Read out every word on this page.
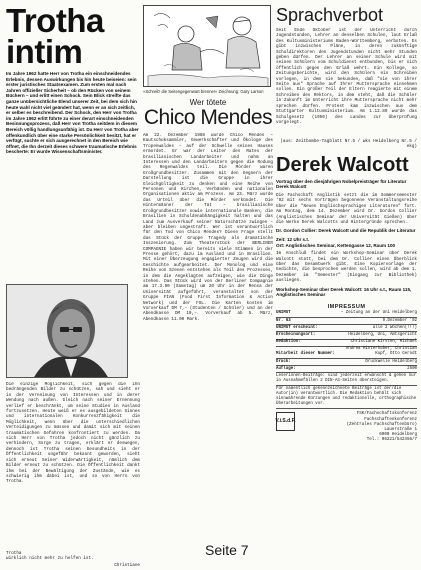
Trotha
intim
Im Jahre 1962 hatte Herr von Trotha ein einschneidendes Erlebnis, dessen Auswirkungen bis hin heute beiseien: sein erster juristisches Staatsexamen. Zum ersten mal nach Jahren offizieller Sicherheit – ob den Rücken von seinem Büchern – und erlitt einen Schock. Sein Blick streifte das ganze unübersichtliche Elend unserer Zeit, bei dem sich hin heute wahl nicht viel geändert hat, wenn er an sich zeitlich, er selber es beschreibend. Der Schock, den Herr von Trotha im Jahre 1962 erlitt führte zu einer derart einschneidenden Besinnungsprozess, daß Herr von Trotha seitdem in diesem Bereich völlig handlungsunfähig ist. Da Herr von Trotha aber offenkundlich über eine starke Persönlichkeit besitzt, hat er verfügt, suchte er sich ausgerechnet in den Bereich wie öffnet, die Ihn derzeit dieses schwere traumatische Erlebnis bescherte: Er wurde Wissenschaftsminister.
Die einzige Möglichkeit, sich gegen die ihn bedrängenden Bilder zu schützen, sah und sieht er in der Verneinung von Interessen und in derer Wendung nach außen. Gleich nach seiner Ernennung verlief er beschränkt, um seine Studien in Ausland fortzusetzen. Heute weiß er es ausgebildeten Sinnes und internationalen Konkurrenzfähigkeit die Möglichkeit, wenn über die unterschiedlichen Verteidigungen zu müssen und damit sich mit seinen traumatischen Gefahren konfrontiert zu werden. Da sich Herr von Trotha jedoch nicht gänzlich zu verhindern, Sorge zu tragen, erklärt er deswegen, dennoch ist Trotha seinen Gesundheits in der Öffentlichkeit ungefähr bekannt geworden, sieht sich erneut Seiner Widerwärtigkeit, nämlich dem Bilder erneut zu schützen. Die Öffentlichkeit dankt ihm bei der Bewältigung der Zustände, wie es schwierig ihm dabei ist, und so von Herrn von Trotha.
Trotha
wirklich nicht mehr zu helfen ist.
Christiane
»Schreib' die Seitengegenwart brenne!« Zeichnung: Gary Larson
Wer tötete
Chico Mendes
Am 22. Dezember 1988 wurde Chico Mendes – Kautschuksammler, Gewerkschafter und Ökologe des Tropenwaldes – auf der Schwelle seines Hauses ermordet. Er war der Leiter des Rates der brasilianischen Landarbeiter und nahm an Interessen und den Landarbeitern gegen die Rodung des Regenwaldes teil. Die Mörder waren Großgrundbesitzer. Zusammen mit den Gegnern der Darstellung ist die Gruppe in ihrer Gleichgültigkeit zu denken und eine Reihe von Personen und Kirchen, Verbänden und nationalen Organisationen aktiv am Prozess. Am 23. März wurde das Urteil über die Mörder verkündet. Die Hintermänner der Tat – brasilianische Großgrundbesitzer sowie internationale Banken, die Brasilien in Schuldenabhängigkeit halten und das Land zum Ausverkauf seiner Naturschätze zwingen – aber bleiben ungestraft. Wer ist verantwortlich für den Tod von Chico Mendes? Diese Frage stellt das Stück der Gruppe Tragedy als dramatische Inszenierung. Zum Theaterstück der BERLINER COMPAGNIE haben wir bereits viele Stimmen in der Presse gehört, dazu im Ausland und in Brasilien. Mit einer Überzeugung engagierter Zeugen wird die Geschichte aufgearbeitet. Der Monolog und eine Reihe von Szenen entstehen als Teil des Prozesses, in dem die Angeklagten aufzeigen, wie die Dinge stehen. Das Stück wird von der Berliner Compagnie am 17.3.90 (Samstag) um 20 Uhr in der Mensa der Universität aufgeführt, veranstaltet von der Gruppe FIAN (Food First Information & Action Network) und der FSL. Die Karten kosten im Vorverkauf DM 7,– (Studenten / Schüler) und an der Abendkasse DM 10,–. Vorverkauf ab 5. März, Abendkasse 11.00 Mark.
Sprachverbot
Seit Ende Oktober ist der Unterricht durch Jugendstunden, Lehrer an denselben Schulen, laut Erlaß des Kultusministeriums Baden-Württemberg, verboten. Es gibt inzwischen Pläne, in deren zukünftige Schuldirektoren den Jugendstunden nicht mehr Stunden geben dürfen. Der Lehrer an seiner Schule wird mit seinen Schülern vom Schuldienst entbunden, bis er sich öffentlich gegen den Erlaß wehrt. Ein Kollege, so Zeitungsberichte, wird den Schülern ein Schreiben vorlegen, in dem sie bekunden, daß "sie von ihrer Seite aus" Sprache auf Ihrer Muttersprache einnehmen sollen. Ein großer Teil der Eltern reagierte mit einem Schreiben des Rektors, in dem steht, daß die Schüler in Zukunft im Unterricht ihre Muttersprache nicht mehr sprechen dürfen. Protest kam inzwischen aus dem Stuttgarter Kultusministerium. Am 1.12.89 wurde das Schulgesetz (1950) des Landes zur Überprüfung vorgelegt.
(aus: Zeitbombe-Tagblatt Nr.5 / wks Heidelberg Nr.5 / ekg)
Derek Walcott
Vortrag über den diesjährigen Nobelpreisträger für Literatur Derek Walcott
Die Fachschaft Anglistik setzt die im Sommersemester '92 mit sechs Vorträgen begonnene Veranstaltungsreihe über die "Neuen Englischsprachigen Literaturen" fort. Am Montag, dem 14. Dezember wird Dr. Gordon Collier (Anglistisches Seminar der Universität Gießen) über die Werke Derek Walcotts und Hintergründe sprechen.
Dr. Gordon Collier: Derek Walcott und die Republik der Literatur
Zeit: 12 Uhr s.t.
Ort: Anglistisches Seminar, Kettengasse 12, Raum 100
Im Anschluß findet ein Workshop-Seminar über Derek Walcott statt, bei dem Dr. Collier einen Überblick über das Gesamtwerk gibt. Eine Kopiervorlage der Gedichte, die besprochen werden sollen, wird ab dem 1. Dezember im "Semester" (Eingang zur Bibliothek) ausliegen.
Workshop-Seminar über Derek Walcott: 16 Uhr s.t., Raum 115, Anglistisches Seminar
IMPRESSUM
UNIMUT	– Zeitung an der Uni Heidelberg
Nr. 63	9.Dezember '92
UNIMUT erscheint:	alle 2 Wochen(!!!)
Erscheinungsort:	Heidelberg, Uni, Amtsgericht
Redaktion:	Christiane Kirsten, Michael
Mitarbeit dieser Nummer:
Andrea Hinterhuber, Christian Kupf, Otto Gerndt
Druck:	Druckwelle Heidelberg
Auflage:	2500
Leserinnen-Beiträge: sind jederzeit erwünscht & gehen nur in Ausnahmefällen 2 DIN-A4-Seiten übersteigen.
Für namentlich gekennzeichnete Beiträge ist der/die Autor(in) verantwortlich. Die Redaktion behält sich sinnwahrende Kürzungen und redaktionelle, orthographische Überarbeitungen vor.
V.i.S.d.P.
FSK/Fachschaftskonferenz
Fachschaftenkonferenz
(Zentrales Fachschaftenbüro)
Lauerstraße 1
6900 Heidelberg
Tel.: 06221/542456/7
Seite 7
